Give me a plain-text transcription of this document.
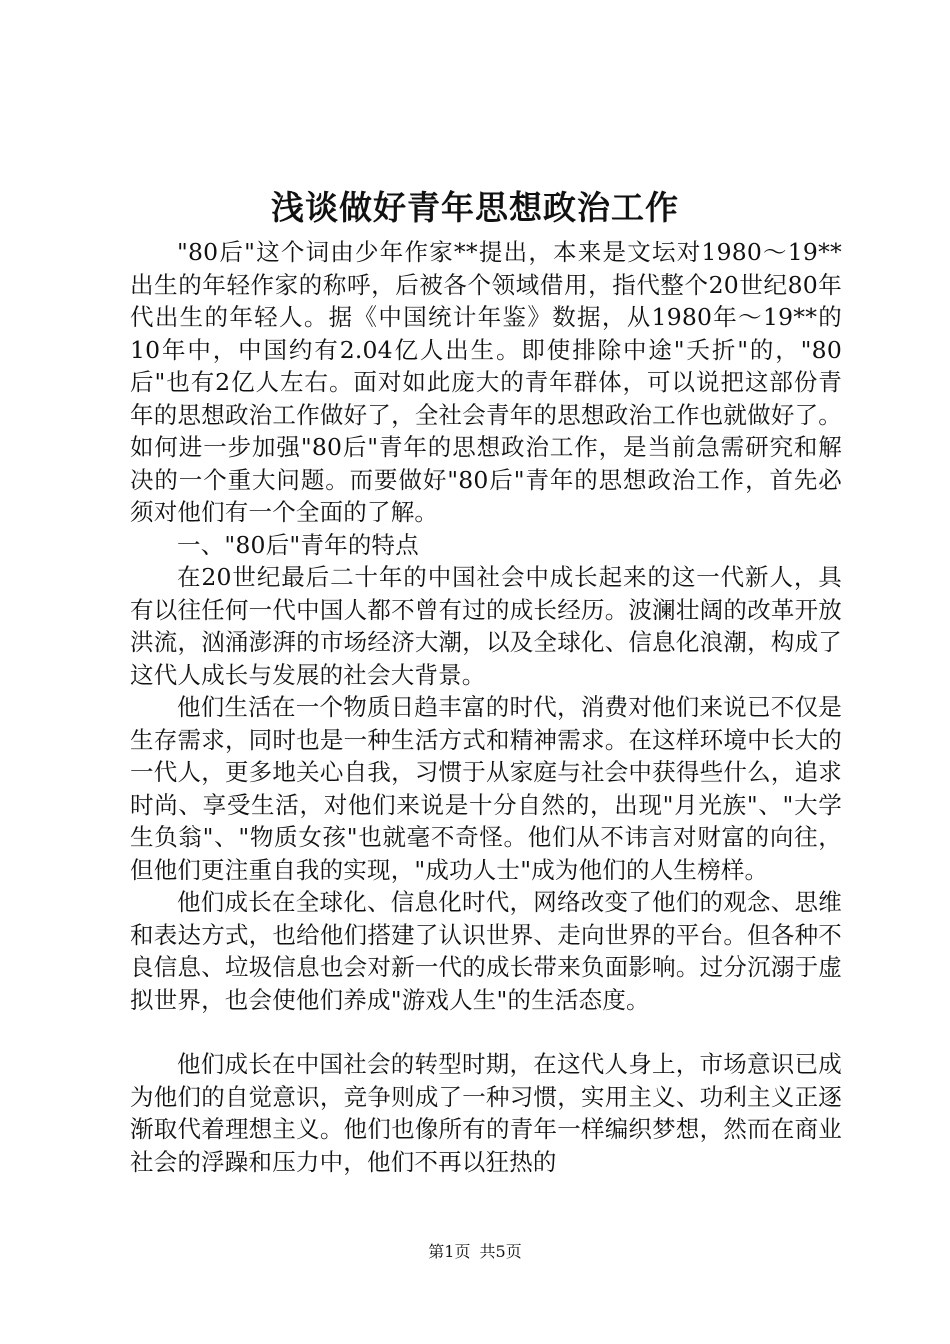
浅谈做好青年思想政治工作

"80后"这个词由少年作家**提出，本来是文坛对1980～19**出生的年轻作家的称呼，后被各个领域借用，指代整个20世纪80年代出生的年轻人。据《中国统计年鉴》数据，从1980年～19**的10年中，中国约有2.04亿人出生。即使排除中途"夭折"的，"80后"也有2亿人左右。面对如此庞大的青年群体，可以说把这部份青年的思想政治工作做好了，全社会青年的思想政治工作也就做好了。如何进一步加强"80后"青年的思想政治工作，是当前急需研究和解决的一个重大问题。而要做好"80后"青年的思想政治工作，首先必须对他们有一个全面的了解。

一、"80后"青年的特点

在20世纪最后二十年的中国社会中成长起来的这一代新人，具有以往任何一代中国人都不曾有过的成长经历。波澜壮阔的改革开放洪流，汹涌澎湃的市场经济大潮，以及全球化、信息化浪潮，构成了这代人成长与发展的社会大背景。

他们生活在一个物质日趋丰富的时代，消费对他们来说已不仅是生存需求，同时也是一种生活方式和精神需求。在这样环境中长大的一代人，更多地关心自我，习惯于从家庭与社会中获得些什么，追求时尚、享受生活，对他们来说是十分自然的，出现"月光族"、"大学生负翁"、"物质女孩"也就毫不奇怪。他们从不讳言对财富的向往，但他们更注重自我的实现，"成功人士"成为他们的人生榜样。

他们成长在全球化、信息化时代，网络改变了他们的观念、思维和表达方式，也给他们搭建了认识世界、走向世界的平台。但各种不良信息、垃圾信息也会对新一代的成长带来负面影响。过分沉溺于虚拟世界，也会使他们养成"游戏人生"的生活态度。

他们成长在中国社会的转型时期，在这代人身上，市场意识已成为他们的自觉意识，竞争则成了一种习惯，实用主义、功利主义正逐渐取代着理想主义。他们也像所有的青年一样编织梦想，然而在商业社会的浮躁和压力中，他们不再以狂热的

第1页 共5页
